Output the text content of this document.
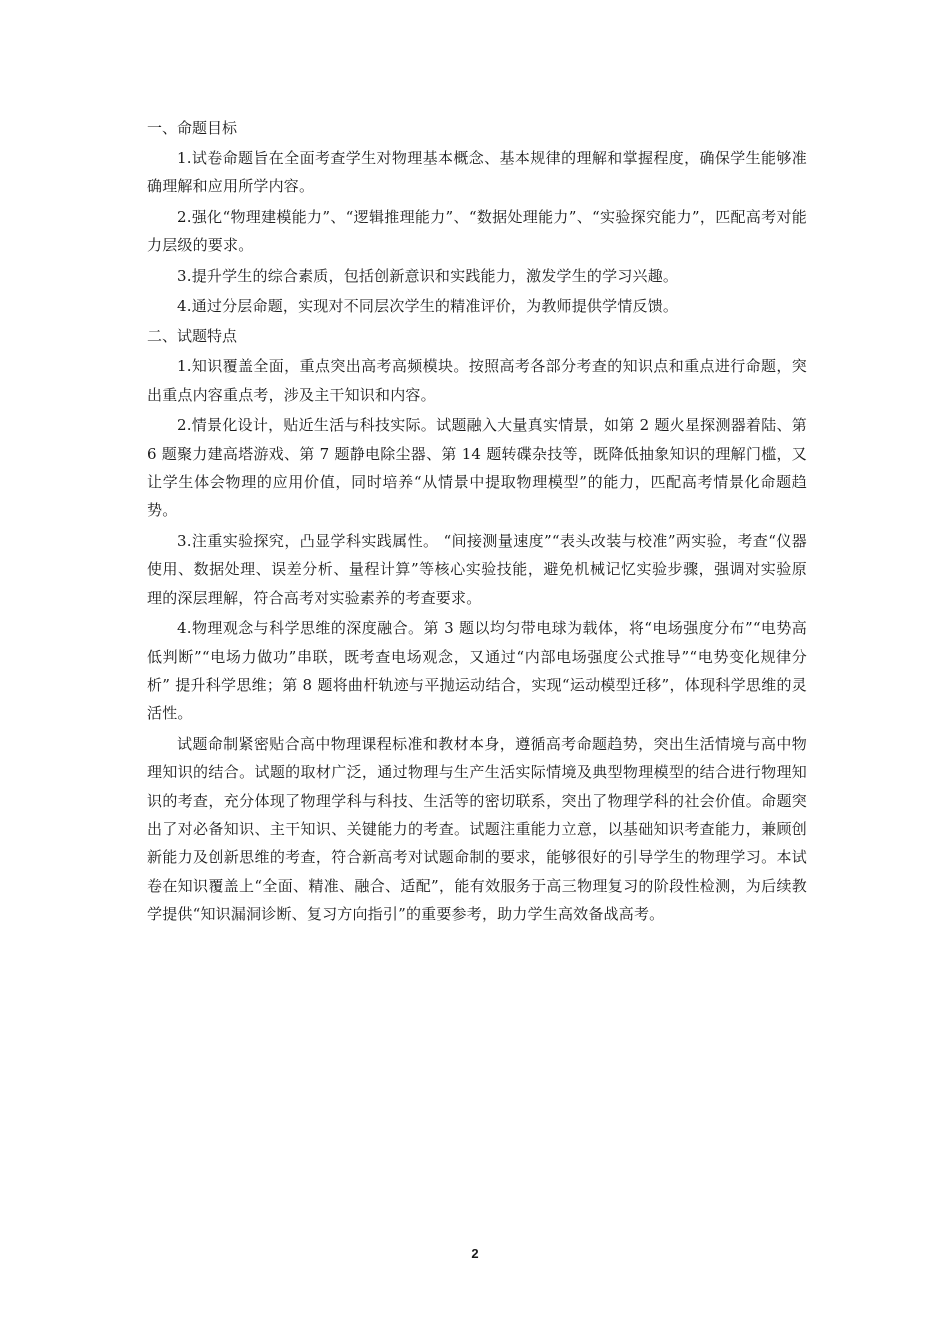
一、命题目标

1.试卷命题旨在全面考查学生对物理基本概念、基本规律的理解和掌握程度，确保学生能够准确理解和应用所学内容。

2.强化“物理建模能力”、“逻辑推理能力”、“数据处理能力”、“实验探究能力”，匹配高考对能力层级的要求。

3.提升学生的综合素质，包括创新意识和实践能力，激发学生的学习兴趣。

4.通过分层命题，实现对不同层次学生的精准评价，为教师提供学情反馈。

二、试题特点

1.知识覆盖全面，重点突出高考高频模块。按照高考各部分考查的知识点和重点进行命题，突出重点内容重点考，涉及主干知识和内容。

2.情景化设计，贴近生活与科技实际。试题融入大量真实情景，如第 2 题火星探测器着陆、第 6 题聚力建高塔游戏、第 7 题静电除尘器、第 14 题转碟杂技等，既降低抽象知识的理解门槛，又让学生体会物理的应用价值，同时培养“从情景中提取物理模型”的能力，匹配高考情景化命题趋势。

3.注重实验探究，凸显学科实践属性。 “间接测量速度”“表头改装与校准”两实验，考查“仪器使用、数据处理、误差分析、量程计算”等核心实验技能，避免机械记忆实验步骤，强调对实验原理的深层理解，符合高考对实验素养的考查要求。

4.物理观念与科学思维的深度融合。第 3 题以均匀带电球为载体，将“电场强度分布”“电势高低判断”“电场力做功”串联，既考查电场观念，又通过“内部电场强度公式推导”“电势变化规律分析” 提升科学思维；第 8 题将曲杆轨迹与平抛运动结合，实现“运动模型迁移”，体现科学思维的灵活性。

试题命制紧密贴合高中物理课程标准和教材本身，遵循高考命题趋势，突出生活情境与高中物理知识的结合。试题的取材广泛，通过物理与生产生活实际情境及典型物理模型的结合进行物理知识的考查，充分体现了物理学科与科技、生活等的密切联系，突出了物理学科的社会价值。命题突出了对必备知识、主干知识、关键能力的考查。试题注重能力立意，以基础知识考查能力，兼顾创新能力及创新思维的考查，符合新高考对试题命制的要求，能够很好的引导学生的物理学习。本试卷在知识覆盖上“全面、精准、融合、适配”，能有效服务于高三物理复习的阶段性检测，为后续教学提供“知识漏洞诊断、复习方向指引”的重要参考，助力学生高效备战高考。

2
